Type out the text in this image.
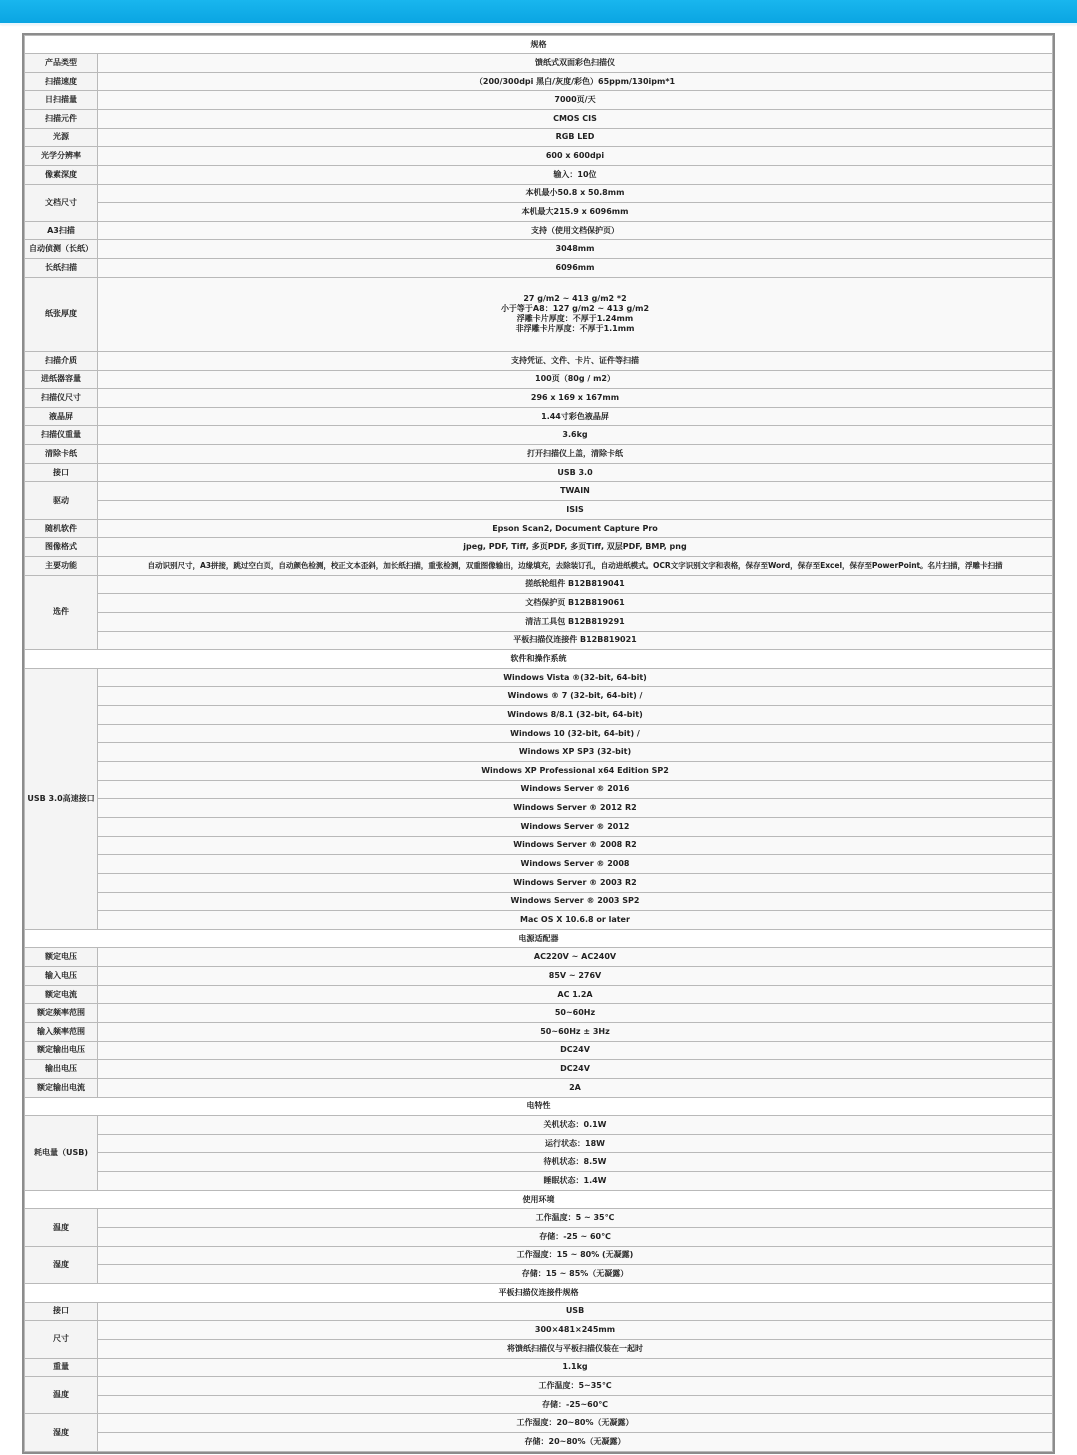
规格	
产品类型	馈纸式双面彩色扫描仪
扫描速度	（200/300dpi 黑白/灰度/彩色）65ppm/130ipm*1
日扫描量	7000页/天
扫描元件	CMOS CIS
光源	RGB LED
光学分辨率	600 x 600dpi
像素深度	输入：10位
文档尺寸	本机最小50.8 x 50.8mm
	本机最大215.9 x 6096mm
A3扫描	支持（使用文档保护页）
自动侦测（长纸）	3048mm
长纸扫描	6096mm
纸张厚度	27 g/m2 ~ 413 g/m2 *2
小于等于A8：127 g/m2 ~ 413 g/m2
浮雕卡片厚度：不厚于1.24mm
非浮雕卡片厚度：不厚于1.1mm

扫描介质	支持凭证、文件、卡片、证件等扫描
进纸器容量	100页（80g / m2）
扫描仪尺寸	296 x 169 x 167mm
液晶屏	1.44寸彩色液晶屏
扫描仪重量	3.6kg
清除卡纸	打开扫描仪上盖，清除卡纸
接口	USB 3.0
驱动	TWAIN
	ISIS
随机软件	Epson Scan2, Document Capture Pro
图像格式	jpeg, PDF, Tiff, 多页PDF, 多页Tiff, 双层PDF, BMP, png
主要功能	自动识别尺寸，A3拼接，跳过空白页，自动颜色检测，校正文本歪斜，加长纸扫描，重张检测，双重图像输出，边缘填充，去除装订孔，自动进纸模式。OCR文字识别文字和表格，保存至Word，保存至Excel，保存至PowerPoint。名片扫描，浮雕卡扫描
选件	搓纸轮组件 B12B819041
	文档保护页 B12B819061
	清洁工具包 B12B819291
	平板扫描仪连接件 B12B819021
软件和操作系统	
USB 3.0高速接口	Windows Vista ®(32-bit, 64-bit)
	Windows ® 7 (32-bit, 64-bit) /
	Windows 8/8.1 (32-bit, 64-bit)
	Windows 10 (32-bit, 64-bit) /
	Windows XP SP3 (32-bit)
	Windows XP Professional x64 Edition SP2
	Windows Server ® 2016
	Windows Server ® 2012 R2
	Windows Server ® 2012
	Windows Server ® 2008 R2
	Windows Server ® 2008
	Windows Server ® 2003 R2
	Windows Server ® 2003 SP2
	Mac OS X 10.6.8 or later
电源适配器	
额定电压	AC220V ~ AC240V
输入电压	85V ~ 276V
额定电流	AC 1.2A
额定频率范围	50~60Hz
输入频率范围	50~60Hz ± 3Hz
额定输出电压	DC24V
输出电压	DC24V
额定输出电流	2A
电特性	
耗电量（USB)	关机状态：0.1W
	运行状态：18W
	待机状态：8.5W
	睡眠状态：1.4W
使用环境	
温度	工作温度：5 ~ 35℃
	存储：-25 ~ 60℃
湿度	工作湿度：15 ~ 80% (无凝露)
	存储：15 ~ 85%（无凝露）
平板扫描仪连接件规格	
接口	USB
尺寸	300×481×245mm
	将馈纸扫描仪与平板扫描仪装在一起时
重量	1.1kg
温度	工作温度：5~35℃
	存储：-25~60℃
湿度	工作湿度：20~80%（无凝露）
	存储：20~80%（无凝露）
